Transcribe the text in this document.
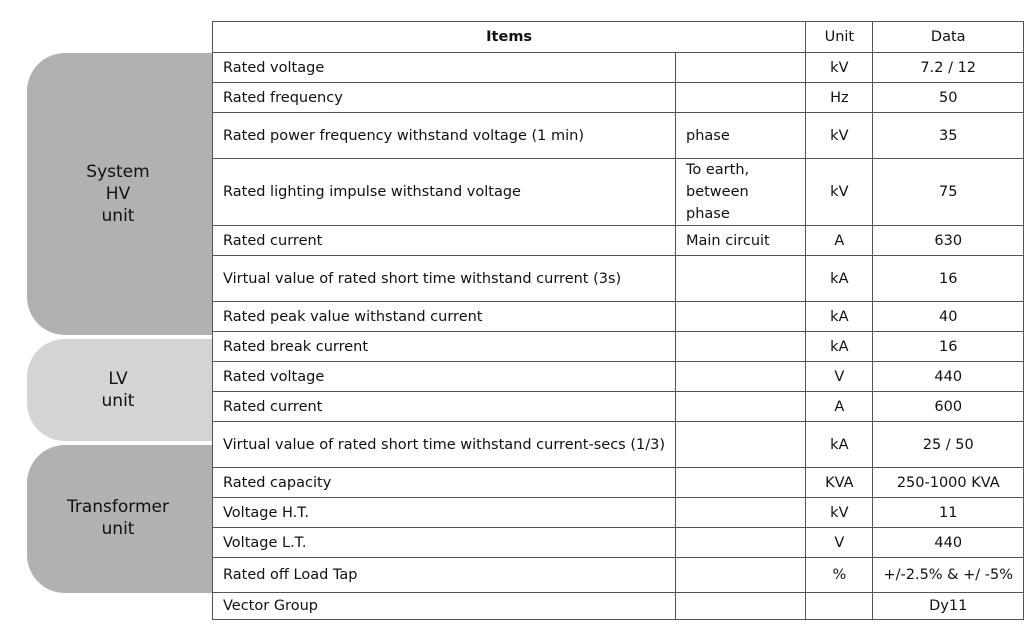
System
HV
unit
LV
unit
Transformer
unit
Items		Unit	Data
Rated voltage		kV	7.2 / 12
Rated frequency		Hz	50
Rated power frequency withstand voltage (1 min)	phase	kV	35
Rated lighting impulse withstand voltage	To earth, between phase	kV	75
Rated current	Main circuit	A	630
Virtual value of rated short time withstand current (3s)		kA	16
Rated peak value withstand current		kA	40
Rated break current		kA	16
Rated voltage		V	440
Rated current		A	600
Virtual value of rated short time withstand current-secs (1/3)		kA	25 / 50
Rated capacity		KVA	250-1000 KVA
Voltage H.T.		kV	11
Voltage L.T.		V	440
Rated off Load Tap		%	+/-2.5% & +/ -5%
Vector Group			Dy11
